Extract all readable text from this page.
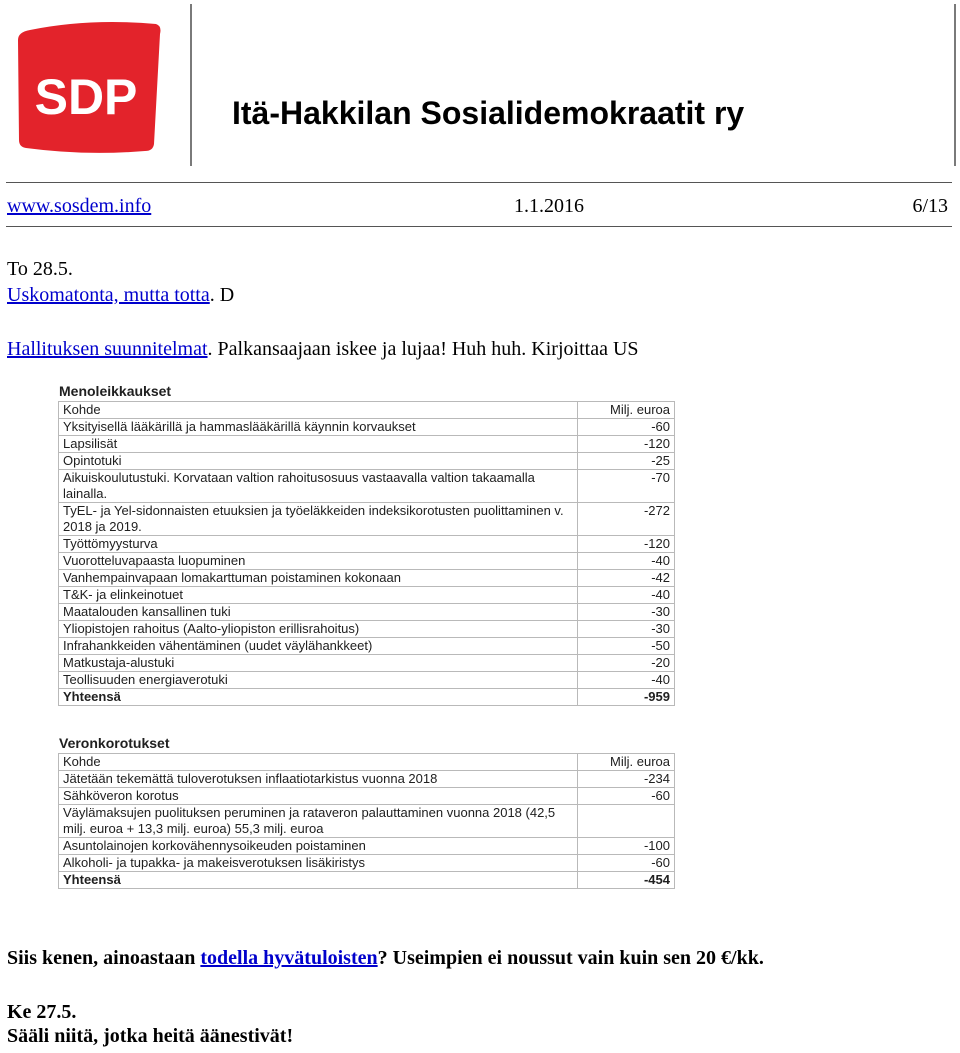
SDP	Itä-Hakkilan Sosialidemokraatit ry
www.sosdem.info	1.1.2016	6/13

To 28.5.

Uskomatonta, mutta totta. D

Hallituksen suunnitelmat. Palkansaajaan iskee ja lujaa! Huh huh. Kirjoittaa US

Menoleikkaukset
Kohde	Milj. euroa
Yksityisellä lääkärillä ja hammaslääkärillä käynnin korvaukset	-60
Lapsilisät	-120
Opintotuki	-25
Aikuiskoulutustuki. Korvataan valtion rahoitusosuus vastaavalla valtion takaamalla lainalla.	-70
TyEL- ja Yel-sidonnaisten etuuksien ja työeläkkeiden indeksikorotusten puolittaminen v. 2018 ja 2019.	-272
Työttömyysturva	-120
Vuorotteluvapaasta luopuminen	-40
Vanhempainvapaan lomakarttuman poistaminen kokonaan	-42
T&K- ja elinkeinotuet	-40
Maatalouden kansallinen tuki	-30
Yliopistojen rahoitus (Aalto-yliopiston erillisrahoitus)	-30
Infrahankkeiden vähentäminen (uudet väylähankkeet)	-50
Matkustaja-alustuki	-20
Teollisuuden energiaverotuki	-40
Yhteensä	-959
Veronkorotukset
Kohde	Milj. euroa
Jätetään tekemättä tuloverotuksen inflaatiotarkistus vuonna 2018	-234
Sähköveron korotus	-60
Väylämaksujen puolituksen peruminen ja rataveron palauttaminen vuonna 2018 (42,5 milj. euroa + 13,3 milj. euroa) 55,3 milj. euroa	
Asuntolainojen korkovähennysoikeuden poistaminen	-100
Alkoholi- ja tupakka- ja makeisverotuksen lisäkiristys	-60
Yhteensä	-454

Siis kenen, ainoastaan todella hyvätuloisten? Useimpien ei noussut vain kuin sen 20 €/kk.

Ke 27.5.

Sääli niitä, jotka heitä äänestivät!
